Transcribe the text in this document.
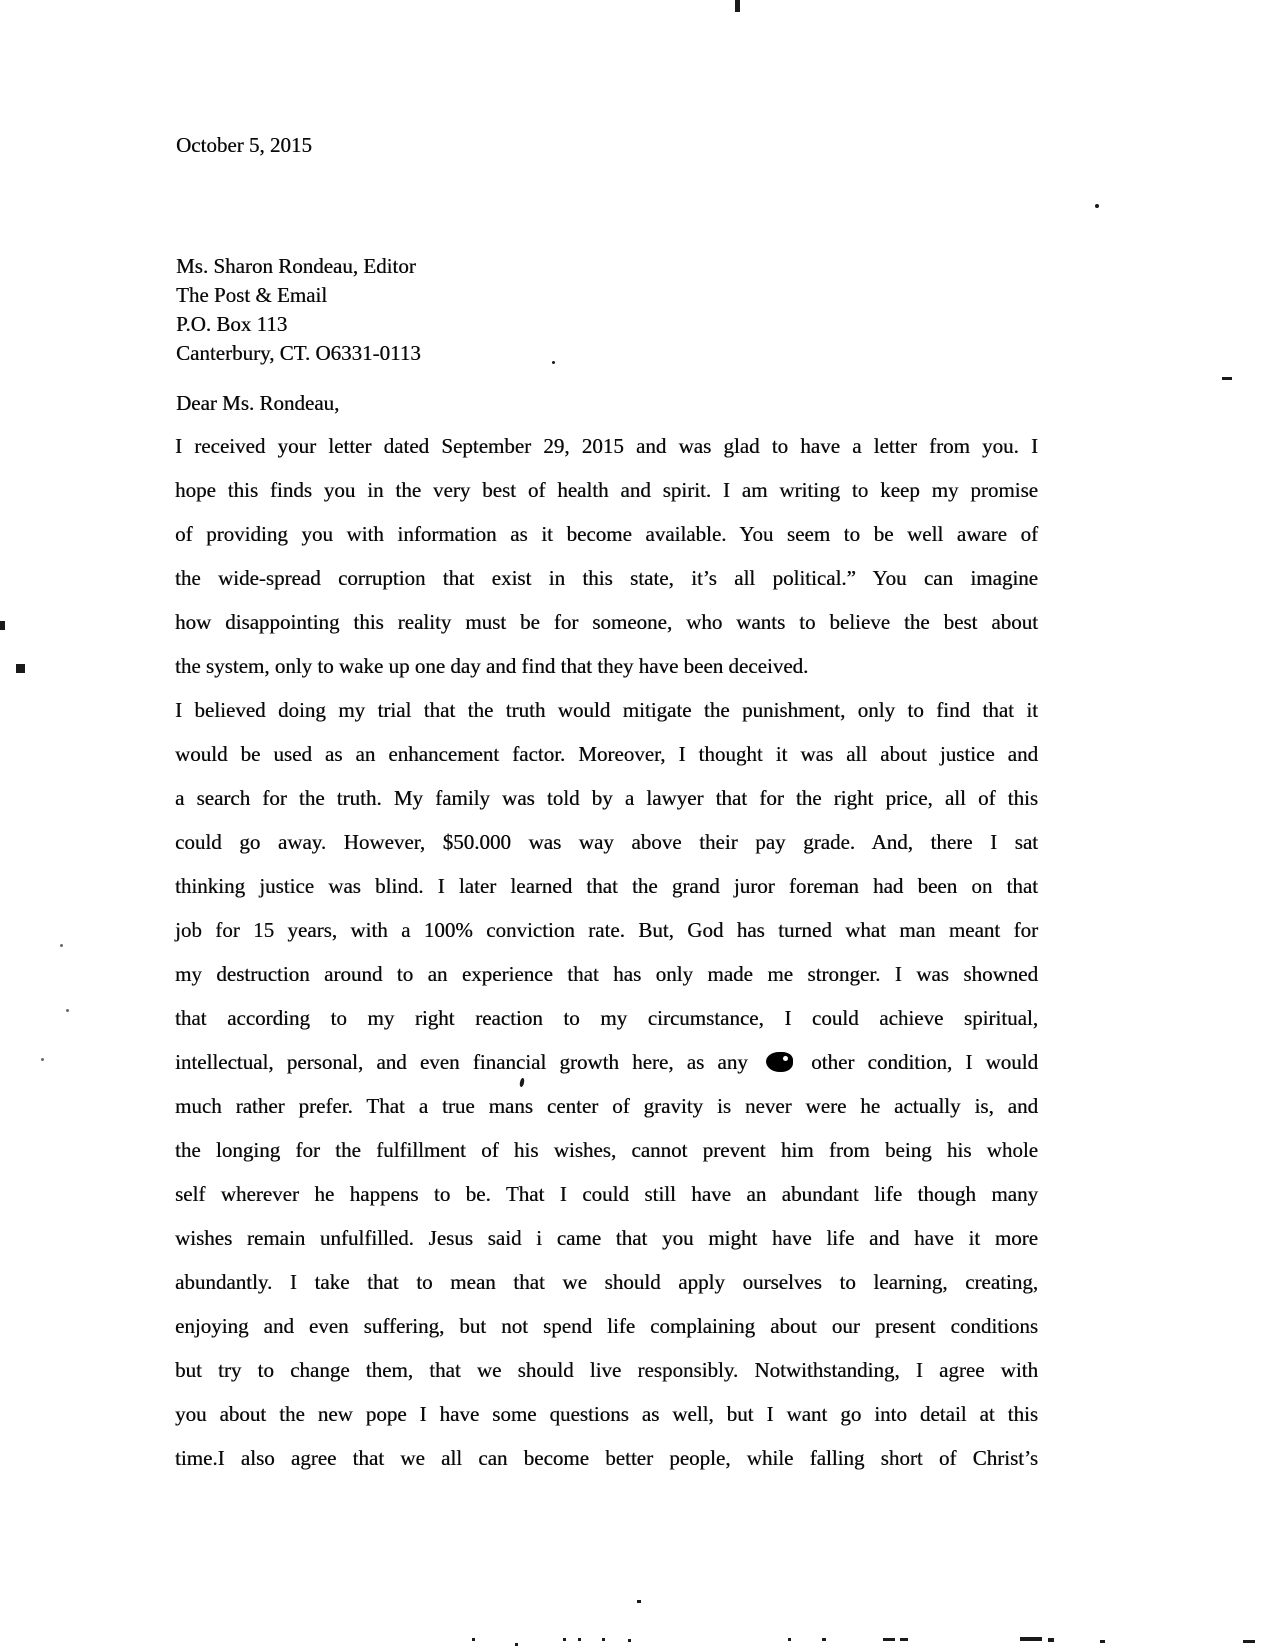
October 5, 2015
Ms. Sharon Rondeau, Editor
The Post & Email
P.O. Box 113
Canterbury, CT. O6331-0113
Dear Ms. Rondeau,
I received your letter dated September 29, 2015 and was glad to have a letter from you. I
hope this finds you in the very best of health and spirit. I am writing to keep my promise
of providing you with information as it become available. You seem to be well aware of
the wide-spread corruption that exist in this state, it’s all political.” You can imagine
how disappointing this reality must be for someone, who wants to believe the best about
the system, only to wake up one day and find that they have been deceived.
I believed doing my trial that the truth would mitigate the punishment, only to find that it
would be used as an enhancement factor. Moreover, I thought it was all about justice and
a search for the truth. My family was told by a lawyer that for the right price, all of this
could go away. However, $50.000 was way above their pay grade. And, there I sat
thinking justice was blind. I later learned that the grand juror foreman had been on that
job for 15 years, with a 100% conviction rate. But, God has turned what man meant for
my destruction around to an experience that has only made me stronger. I was showned
that according to my right reaction to my circumstance, I could achieve spiritual,
intellectual, personal, and even financial growth here, as any	other condition, I would
much rather prefer. That a true mans center of gravity is never were he actually is, and
the longing for the fulfillment of his wishes, cannot prevent him from being his whole
self wherever he happens to be. That I could still have an abundant life though many
wishes remain unfulfilled. Jesus said i came that you might have life and have it more
abundantly. I take that to mean that we should apply ourselves to learning, creating,
enjoying and even suffering, but not spend life complaining about our present conditions
but try to change them, that we should live responsibly. Notwithstanding, I agree with
you about the new pope I have some questions as well, but I want go into detail at this
time.I also agree that we all can become better people, while falling short of Christ’s
